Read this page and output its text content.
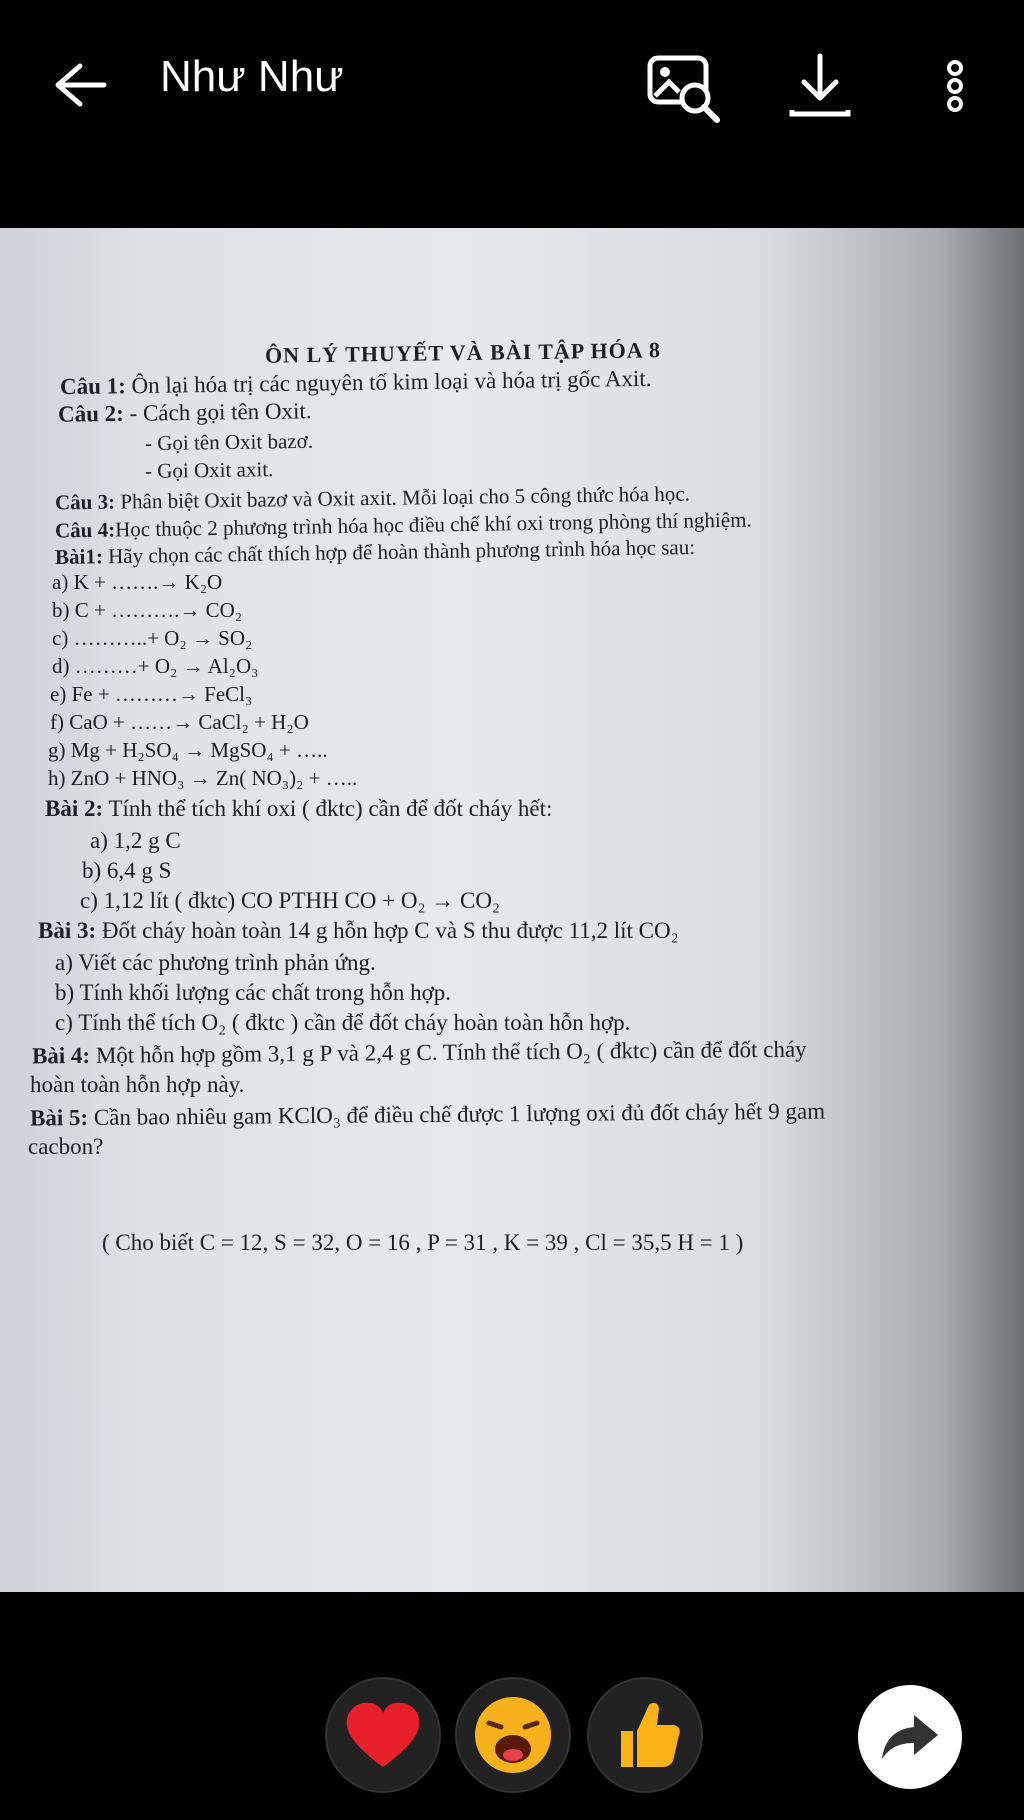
Như Như
ÔN LÝ THUYẾT VÀ BÀI TẬP HÓA 8
Câu 1: Ôn lại hóa trị các nguyên tố kim loại và hóa trị gốc Axit.
Câu 2: - Cách gọi tên Oxit.
- Gọi tên Oxit bazơ.
- Gọi Oxit axit.
Câu 3: Phân biệt Oxit bazơ và Oxit axit. Mỗi loại cho 5 công thức hóa học.
Câu 4:Học thuộc 2 phương trình hóa học điều chế khí oxi trong phòng thí nghiệm.
Bài1: Hãy chọn các chất thích hợp để hoàn thành phương trình hóa học sau:
a) K + …….→ K₂O
b) C + ……….→ CO₂
c) ………..+ O₂ → SO₂
d) ………+ O₂ → Al₂O₃
e) Fe + ………→ FeCl₃
f) CaO + ……→ CaCl₂ + H₂O
g) Mg + H₂SO₄ → MgSO₄ + …..
h) ZnO + HNO₃ → Zn( NO₃)₂ + …..
Bài 2: Tính thể tích khí oxi ( đktc) cần để đốt cháy hết:
a) 1,2 g C
b) 6,4 g S
c) 1,12 lít ( đktc) CO PTHH CO + O₂ → CO₂
Bài 3: Đốt cháy hoàn toàn 14 g hỗn hợp C và S thu được 11,2 lít CO₂
a) Viết các phương trình phản ứng.
b) Tính khối lượng các chất trong hỗn hợp.
c) Tính thể tích O₂ ( đktc ) cần để đốt cháy hoàn toàn hỗn hợp.
Bài 4: Một hỗn hợp gồm 3,1 g P và 2,4 g C. Tính thể tích O₂ ( đktc) cần để đốt cháy
hoàn toàn hỗn hợp này.
Bài 5: Cần bao nhiêu gam KClO₃ để điều chế được 1 lượng oxi đủ đốt cháy hết 9 gam
cacbon?
( Cho biết C = 12, S = 32, O = 16 , P = 31 , K = 39 , Cl = 35,5 H = 1 )
